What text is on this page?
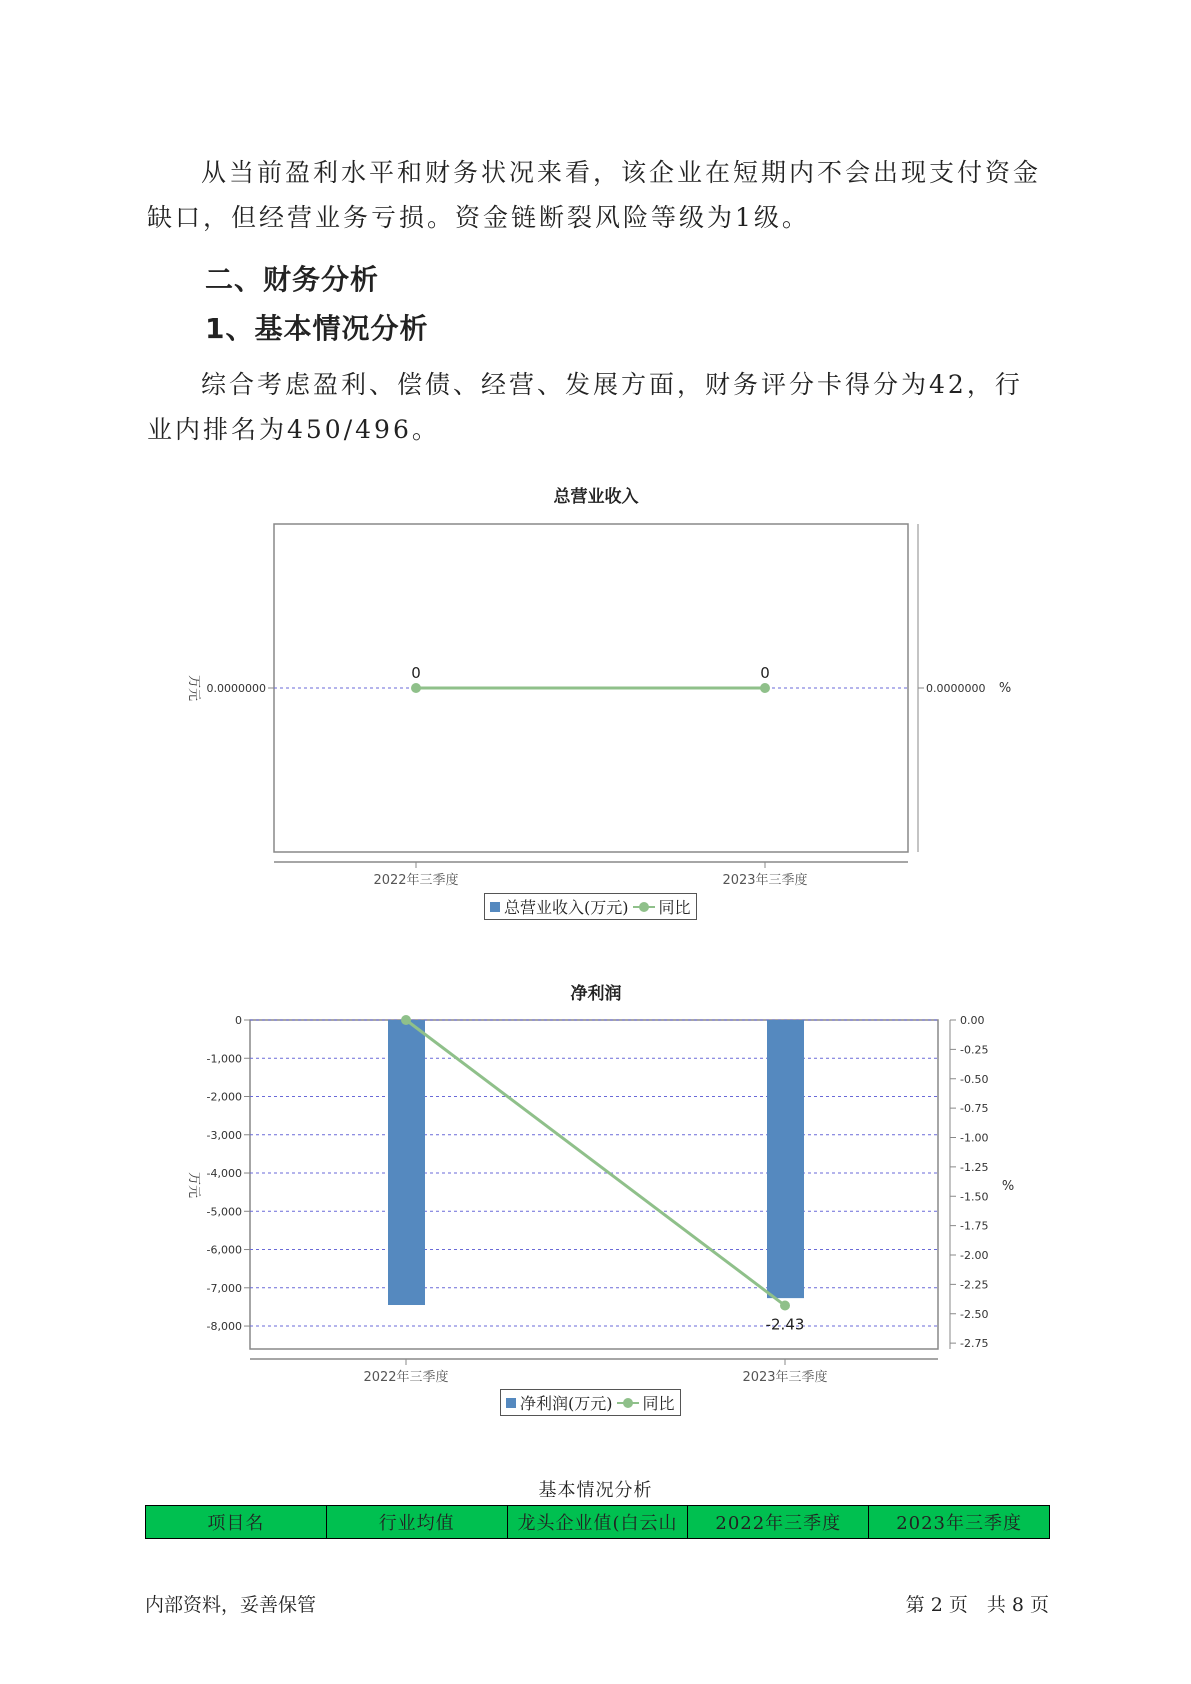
从当前盈利水平和财务状况来看，该企业在短期内不会出现支付资金缺口，但经营业务亏损。资金链断裂风险等级为1级。

二、财务分析
1、基本情况分析

综合考虑盈利、偿债、经营、发展方面，财务评分卡得分为42，行业内排名为450/496。

总营业收入

0.0000000	0.0000000
万元	%
2022年三季度	2023年三季度
0	0
总营业收入(万元) 同比

净利润

0
-1,000
-2,000
-3,000
-4,000
-5,000
-6,000
-7,000
-8,000
0.00
-0.25
-0.50
-0.75
-1.00
-1.25
-1.50
-1.75
-2.00
-2.25
-2.50
-2.75
万元	%
2022年三季度	2023年三季度
-2.43
净利润(万元) 同比

基本情况分析

项目名	行业均值	龙头企业值(白云山	2022年三季度	2023年三季度

内部资料，妥善保管	第 2 页　共 8 页
